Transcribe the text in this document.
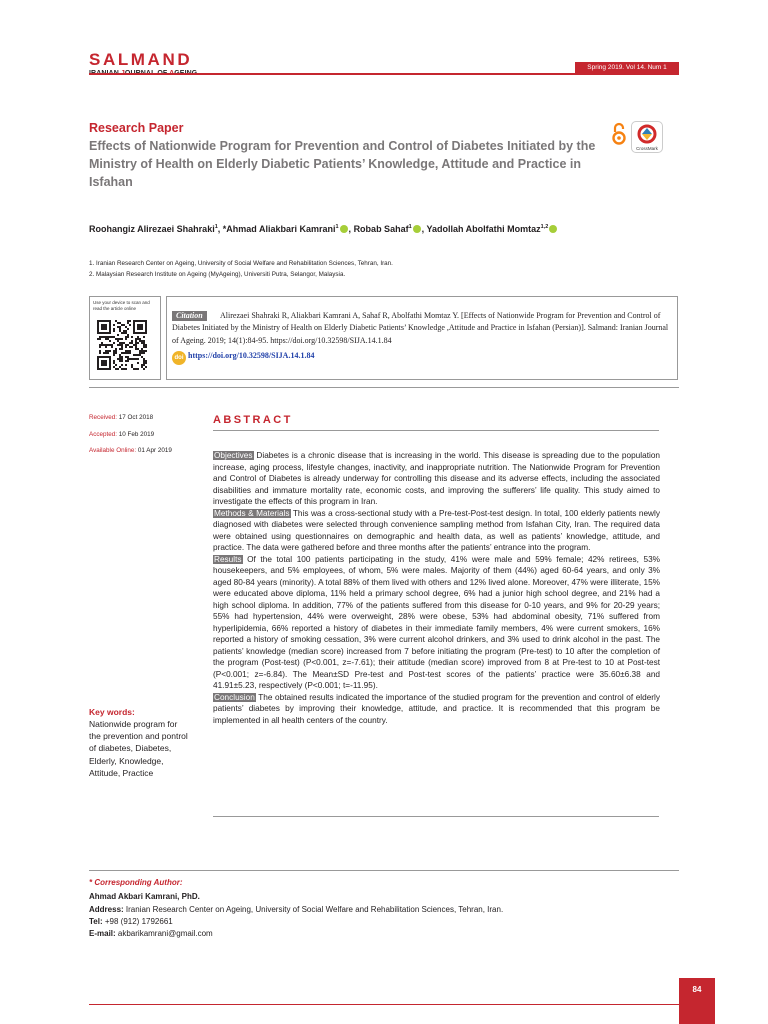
SALMAND	Spring 2019. Vol 14. Num 1
Research Paper
Effects of Nationwide Program for Prevention and Control of Diabetes Initiated by the Ministry of Health on Elderly Diabetic Patients’ Knowledge, Attitude and Practice in Isfahan
CrossMark
Roohangiz Alirezaei Shahraki$^1$, *Ahmad Aliakbari Kamrani$^1$ , Robab Sahaf$^1$ , Yadollah Abolfathi Momtaz$^{1,2}$
1. Iranian Research Center on Ageing, University of Social Welfare and Rehabilitation Sciences, Tehran, Iran.
2. Malaysian Research Institute on Ageing (MyAgeing), Universiti Putra, Selangor, Malaysia.
Use your device to scan and read the article online
Alirezaei Shahraki R, Aliakbari Kamrani A, Sahaf R, Abolfathi Momtaz Y. [Effects of Nationwide Program for Prevention and Control of Diabetes Initiated by the Ministry of Health on Elderly Diabetic Patients’ Knowledge ,Attitude and Practice in Isfahan (Persian)]. Salmand: Iranian Journal of Ageing. 2019; 14(1):84-95. https://doi.org/10.32598/SIJA.14.1.84
Citation
doi https://doi.org/10.32598/SIJA.14.1.84
Received: 17 Oct 2018
Accepted: 10 Feb 2019
Available Online: 01 Apr 2019
ABSTRACT
Objectives Diabetes is a chronic disease that is increasing in the world. This disease is spreading due to the population increase, aging process, lifestyle changes, inactivity, and inappropriate nutrition. The Nationwide Program for Prevention and Control of Diabetes is already underway for controlling this disease and its adverse effects, including the associated disabilities and immature mortality rate, economic costs, and improving the sufferers’ life quality. This study aimed to investigate the effects of this program in Iran.
Methods & Materials This was a cross-sectional study with a Pre-test-Post-test design. In total, 100 elderly patients newly diagnosed with diabetes were selected through convenience sampling method from Isfahan City, Iran. The required data were obtained using questionnaires on demographic and health data, as well as patients’ knowledge, attitude, and practice. The data were gathered before and three months after the patients’ entrance into the program.
Results Of the total 100 patients participating in the study, 41% were male and 59% female; 42% retirees, 53% housekeepers, and 5% employees, of whom, 5% were males. Majority of them (44%) aged 60-64 years, and only 3% aged 80-84 years (minority). A total 88% of them lived with others and 12% lived alone. Moreover, 47% were illiterate, 15% were educated above diploma, 11% held a primary school degree, 6% had a junior high school degree, and 21% had a high school diploma. In addition, 77% of the patients suffered from this disease for 0-10 years, and 9% for 20-29 years; 55% had hypertension, 44% were overweight, 28% were obese, 53% had abdominal obesity, 71% suffered from hyperlipidemia, 66% reported a history of diabetes in their immediate family members, 4% were current smokers, 16% reported a history of smoking cessation, 3% were current alcohol drinkers, and 3% used to drink alcohol in the past. The patients’ knowledge (median score) increased from 7 before initiating the program (Pre-test) to 10 after the completion of the program (Post-test) (P<0.001, z=-7.61); their attitude (median score) improved from 8 at Pre-test to 10 at Post-test (P<0.001; z=-6.84). The Mean±SD Pre-test and Post-test scores of the patients’ practice were 35.60±6.38 and 41.91±5.23, respectively (P<0.001; t=-11.95).
Conclusion The obtained results indicated the importance of the studied program for the prevention and control of elderly patients’ diabetes by improving their knowledge, attitude, and practice. It is recommended that this program be implemented in all health centers of the country.
Key words:
Nationwide program for the prevention and pontrol of diabetes, Diabetes, Elderly, Knowledge, Attitude, Practice
* Corresponding Author:
Ahmad Akbari Kamrani, PhD.
Address: Iranian Research Center on Ageing, University of Social Welfare and Rehabilitation Sciences, Tehran, Iran.
Tel: +98 (912) 1792661
E-mail: akbarikamrani@gmail.com
84
